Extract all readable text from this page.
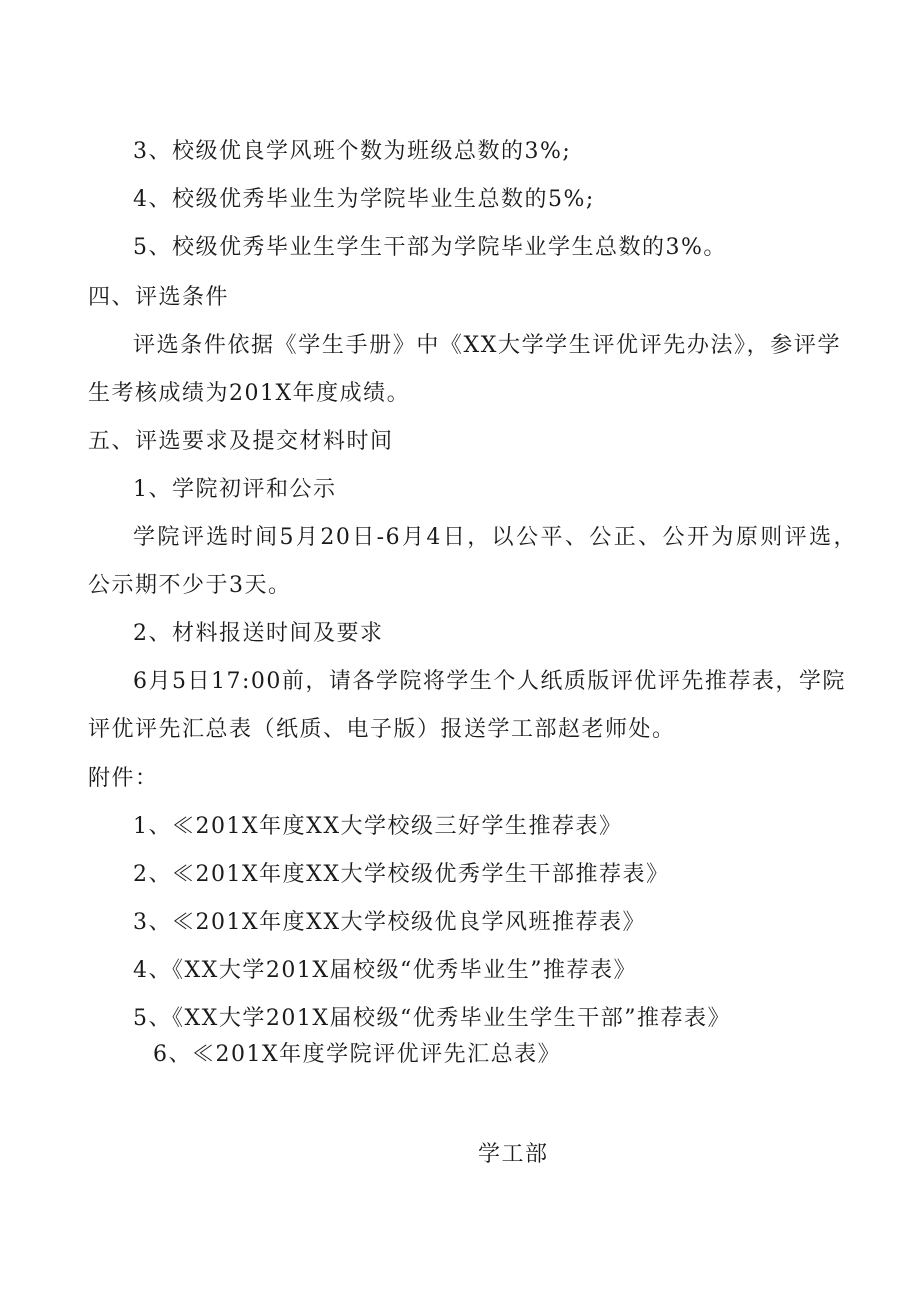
3、校级优良学风班个数为班级总数的3%;
4、校级优秀毕业生为学院毕业生总数的5%;
5、校级优秀毕业生学生干部为学院毕业学生总数的3%。
四、评选条件
评选条件依据《学生手册》中《XX大学学生评优评先办法》，参评学
生考核成绩为201X年度成绩。
五、评选要求及提交材料时间
1、学院初评和公示
学院评选时间5月20日-6月4日，以公平、公正、公开为原则评选，
公示期不少于3天。
2、材料报送时间及要求
6月5日17:00前，请各学院将学生个人纸质版评优评先推荐表，学院
评优评先汇总表（纸质、电子版）报送学工部赵老师处。
附件：
1、≪201X年度XX大学校级三好学生推荐表》
2、≪201X年度XX大学校级优秀学生干部推荐表》
3、≪201X年度XX大学校级优良学风班推荐表》
4、《XX大学201X届校级“优秀毕业生”推荐表》
5、《XX大学201X届校级“优秀毕业生学生干部”推荐表》
6、≪201X年度学院评优评先汇总表》
学工部
